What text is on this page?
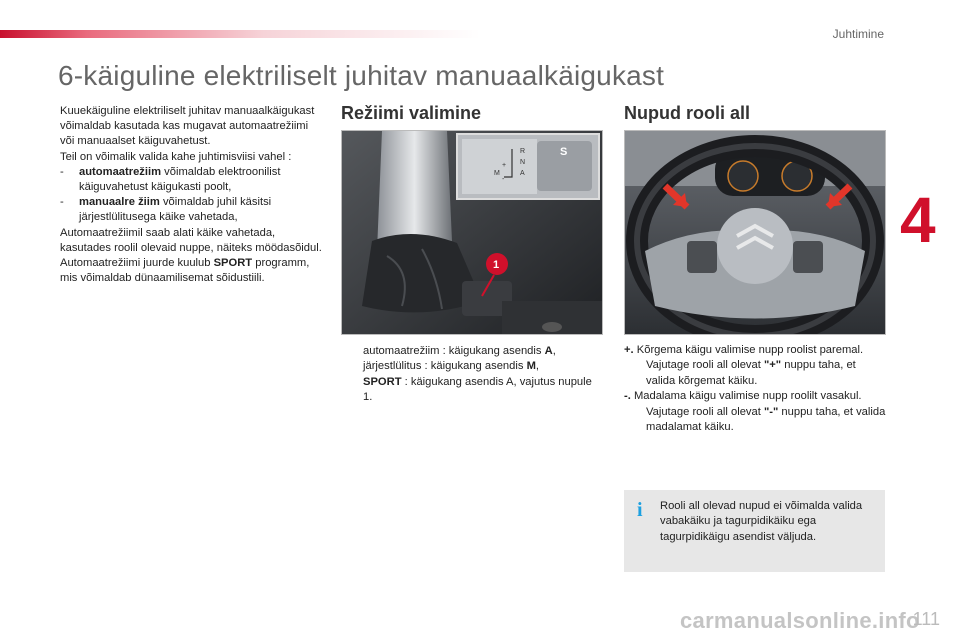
Juhtimine
4
6-käiguline elektriliselt juhitav manuaalkäigukast

Kuuekäiguline elektriliselt juhitav manuaalkäigukast võimaldab kasutada kas mugavat automaatrežiimi või manuaalset käiguvahetust.

Teil on võimalik valida kahe juhtimisviisi vahel :

-	automaatrežiim võimaldab elektroonilist käiguvahetust käigukasti poolt,
-	manuaalre žiim võimaldab juhil käsitsi järjestlülitusega käike vahetada,

Automaatrežiimil saab alati käike vahetada, kasutades roolil olevaid nuppe, näiteks möödasõidul.

Automaatrežiimi juurde kuulub SPORT programm, mis võimaldab dünaamilisemat sõidustiili.

Režiimi valimine	Nupud rooli all
S
R
N
A
M
+
-
1
automaatrežiim : käigukang asendis A,
järjestlülitus : käigukang asendis M,
SPORT : käigukang asendis A, vajutus nupule 1.
+. Kõrgema käigu valimise nupp roolist paremal.
Vajutage rooli all olevat "+" nuppu taha, et valida kõrgemat käiku.
-. Madalama käigu valimise nupp roolilt vasakul.
Vajutage rooli all olevat "-" nuppu taha, et valida madalamat käiku.
i Rooli all olevad nupud ei võimalda valida vabakäiku ja tagurpidikäiku ega tagurpidikäigu asendist väljuda.
carmanualsonline.info
111
